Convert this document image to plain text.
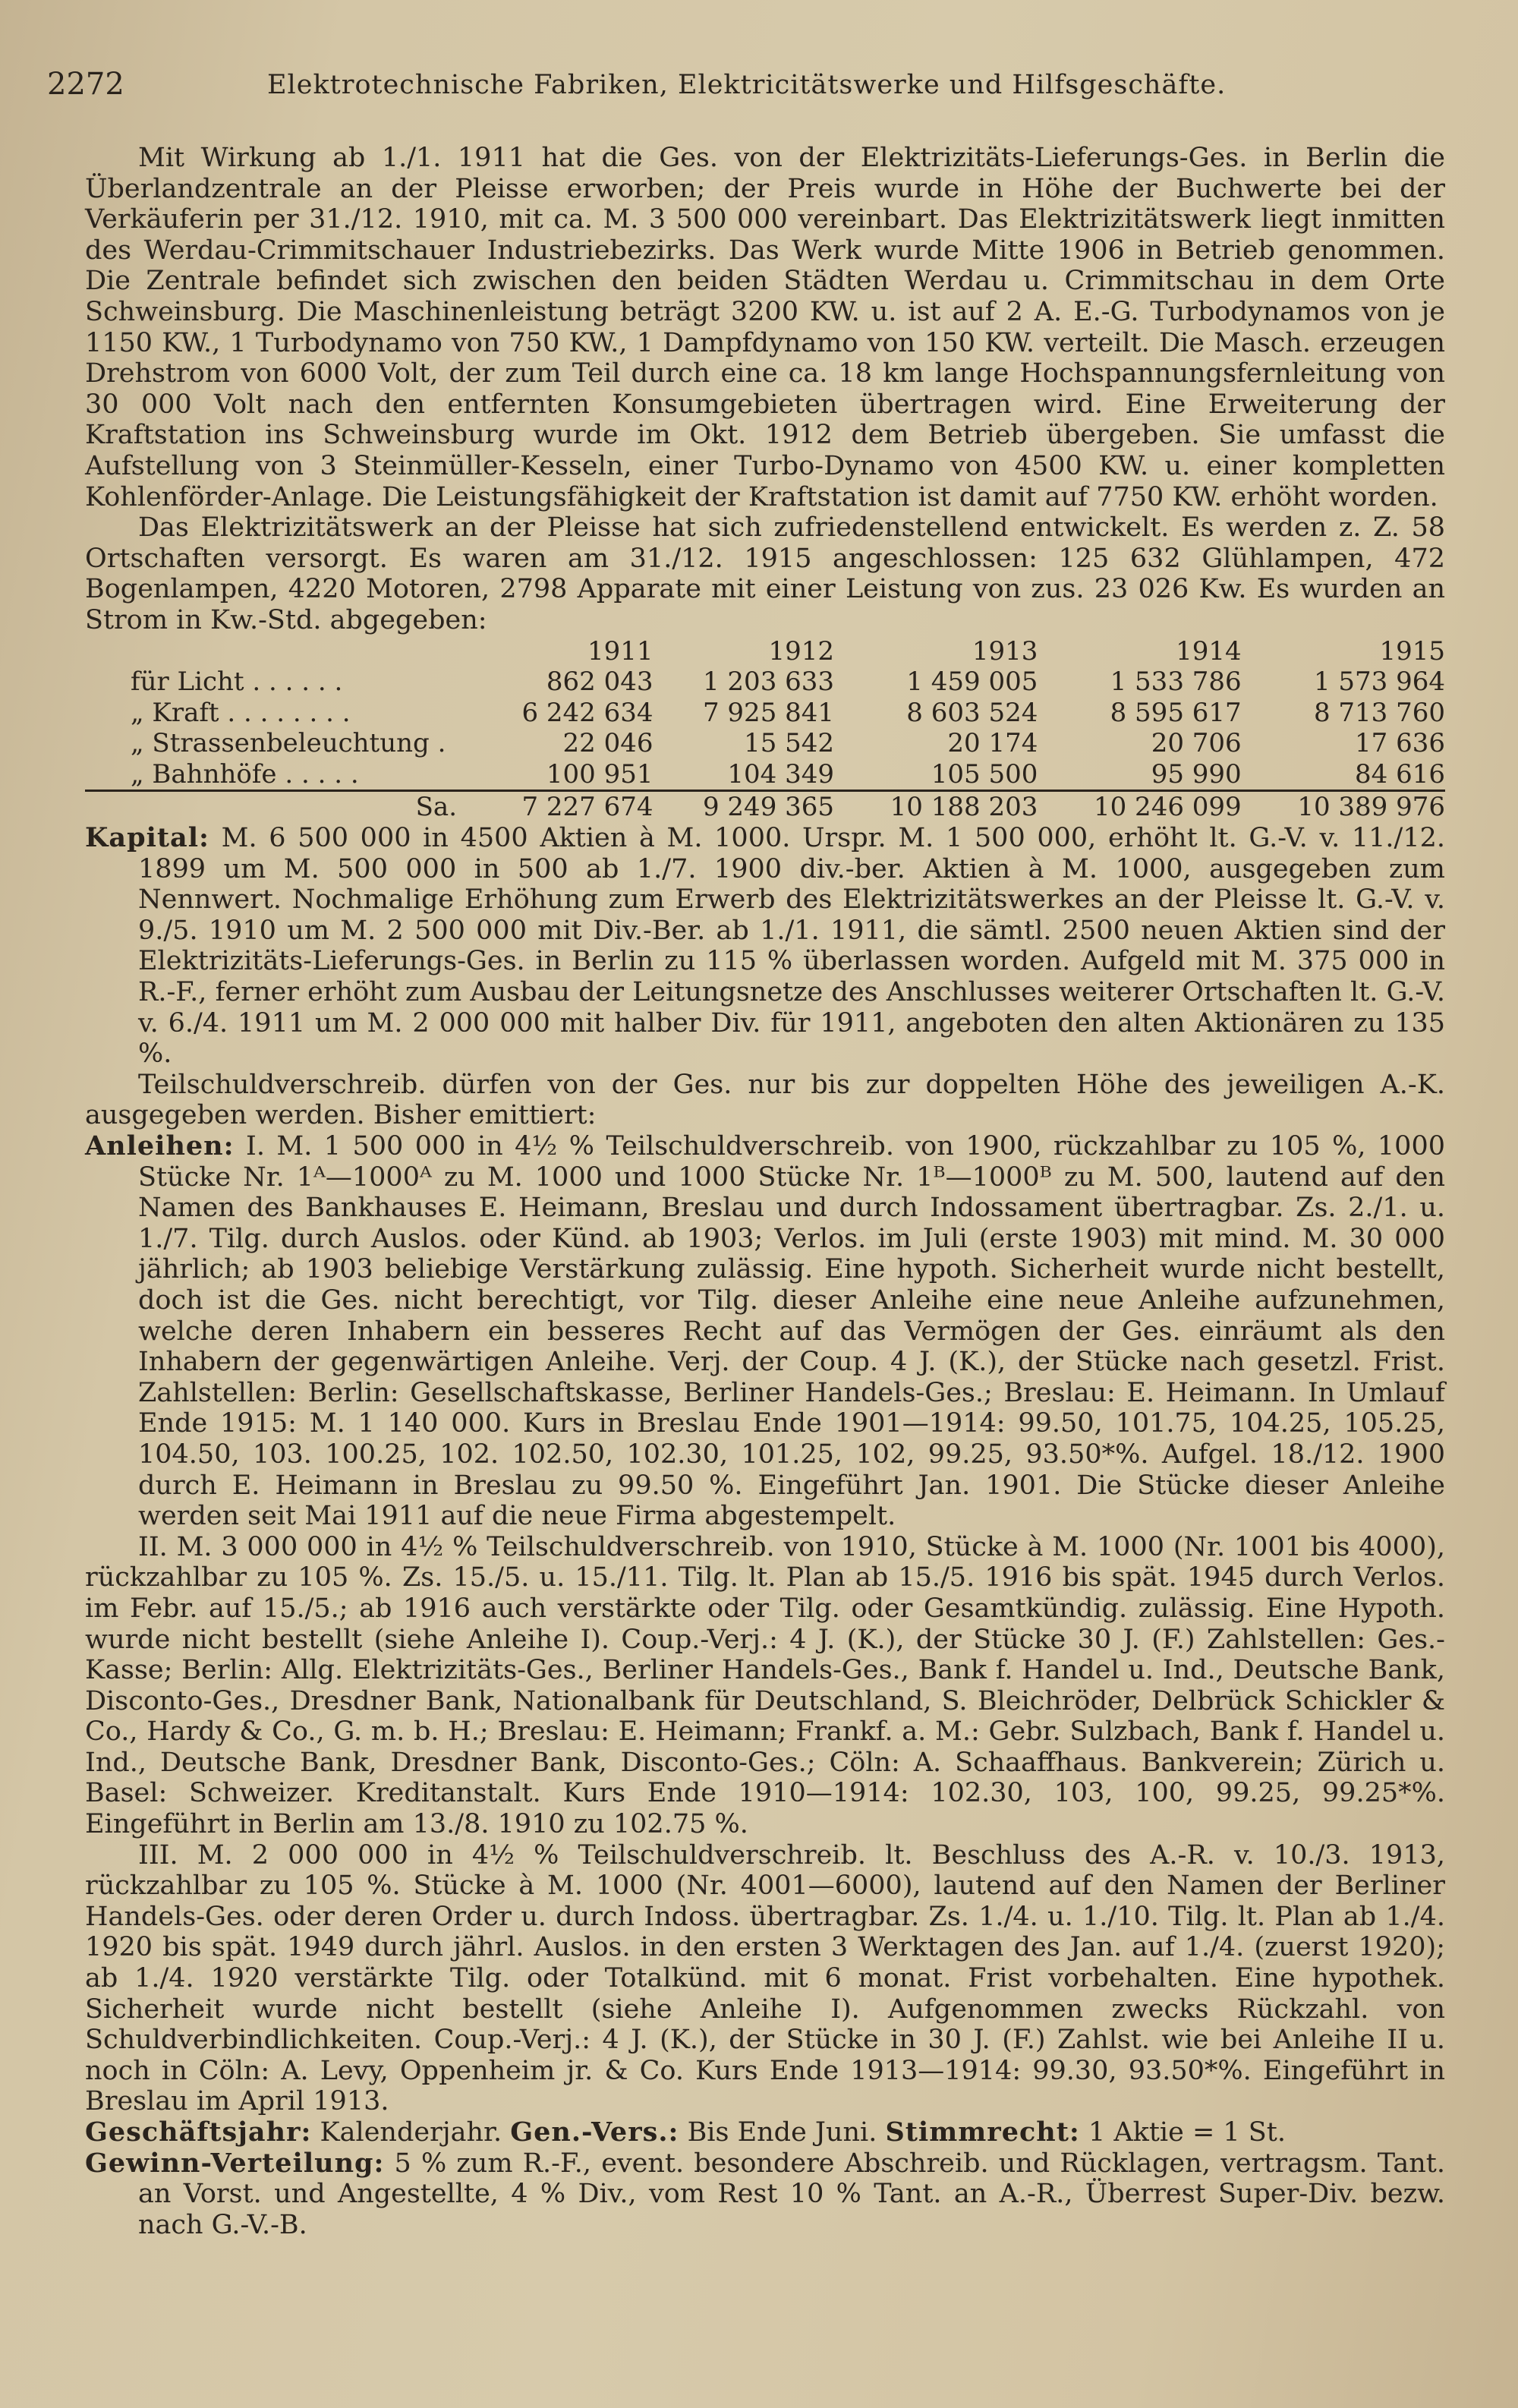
2272	Elektrotechnische Fabriken, Elektricitätswerke und Hilfsgeschäfte.

Mit Wirkung ab 1./1. 1911 hat die Ges. von der Elektrizitäts-Lieferungs-Ges. in Berlin die Überlandzentrale an der Pleisse erworben; der Preis wurde in Höhe der Buchwerte bei der Verkäuferin per 31./12. 1910, mit ca. M. 3 500 000 vereinbart. Das Elektrizitätswerk liegt inmitten des Werdau-Crimmitschauer Industriebezirks. Das Werk wurde Mitte 1906 in Betrieb genommen. Die Zentrale befindet sich zwischen den beiden Städten Werdau u. Crimmitschau in dem Orte Schweinsburg. Die Maschinenleistung beträgt 3200 KW. u. ist auf 2 A. E.-G. Turbodynamos von je 1150 KW., 1 Turbodynamo von 750 KW., 1 Dampfdynamo von 150 KW. verteilt. Die Masch. erzeugen Drehstrom von 6000 Volt, der zum Teil durch eine ca. 18 km lange Hochspannungsfernleitung von 30 000 Volt nach den entfernten Konsumgebieten übertragen wird. Eine Erweiterung der Kraftstation ins Schweinsburg wurde im Okt. 1912 dem Betrieb übergeben. Sie umfasst die Aufstellung von 3 Steinmüller-Kesseln, einer Turbo-Dynamo von 4500 KW. u. einer kompletten Kohlenförder-Anlage. Die Leistungsfähigkeit der Kraftstation ist damit auf 7750 KW. erhöht worden.

Das Elektrizitätswerk an der Pleisse hat sich zufriedenstellend entwickelt. Es werden z. Z. 58 Ortschaften versorgt. Es waren am 31./12. 1915 angeschlossen: 125 632 Glühlampen, 472 Bogenlampen, 4220 Motoren, 2798 Apparate mit einer Leistung von zus. 23 026 Kw. Es wurden an Strom in Kw.-Std. abgegeben:

	1911	1912	1913	1914	1915
für Licht . . . . . .	862 043	1 203 633	1 459 005	1 533 786	1 573 964
„ Kraft . . . . . . . .	6 242 634	7 925 841	8 603 524	8 595 617	8 713 760
„ Strassenbeleuchtung .	22 046	15 542	20 174	20 706	17 636
„ Bahnhöfe . . . . .	100 951	104 349	105 500	95 990	84 616
Sa.	7 227 674	9 249 365	10 188 203	10 246 099	10 389 976

Kapital: M. 6 500 000 in 4500 Aktien à M. 1000. Urspr. M. 1 500 000, erhöht lt. G.-V. v. 11./12. 1899 um M. 500 000 in 500 ab 1./7. 1900 div.-ber. Aktien à M. 1000, ausgegeben zum Nennwert. Nochmalige Erhöhung zum Erwerb des Elektrizitätswerkes an der Pleisse lt. G.-V. v. 9./5. 1910 um M. 2 500 000 mit Div.-Ber. ab 1./1. 1911, die sämtl. 2500 neuen Aktien sind der Elektrizitäts-Lieferungs-Ges. in Berlin zu 115 % überlassen worden. Aufgeld mit M. 375 000 in R.-F., ferner erhöht zum Ausbau der Leitungsnetze des Anschlusses weiterer Ortschaften lt. G.-V. v. 6./4. 1911 um M. 2 000 000 mit halber Div. für 1911, angeboten den alten Aktionären zu 135 %.

Teilschuldverschreib. dürfen von der Ges. nur bis zur doppelten Höhe des jeweiligen A.-K. ausgegeben werden. Bisher emittiert:

Anleihen: I. M. 1 500 000 in 4½ % Teilschuldverschreib. von 1900, rückzahlbar zu 105 %, 1000 Stücke Nr. 1ᴬ—1000ᴬ zu M. 1000 und 1000 Stücke Nr. 1ᴮ—1000ᴮ zu M. 500, lautend auf den Namen des Bankhauses E. Heimann, Breslau und durch Indossament übertragbar. Zs. 2./1. u. 1./7. Tilg. durch Auslos. oder Künd. ab 1903; Verlos. im Juli (erste 1903) mit mind. M. 30 000 jährlich; ab 1903 beliebige Verstärkung zulässig. Eine hypoth. Sicherheit wurde nicht bestellt, doch ist die Ges. nicht berechtigt, vor Tilg. dieser Anleihe eine neue Anleihe aufzunehmen, welche deren Inhabern ein besseres Recht auf das Vermögen der Ges. einräumt als den Inhabern der gegenwärtigen Anleihe. Verj. der Coup. 4 J. (K.), der Stücke nach gesetzl. Frist. Zahlstellen: Berlin: Gesellschaftskasse, Berliner Handels-Ges.; Breslau: E. Heimann. In Umlauf Ende 1915: M. 1 140 000. Kurs in Breslau Ende 1901—1914: 99.50, 101.75, 104.25, 105.25, 104.50, 103. 100.25, 102. 102.50, 102.30, 101.25, 102, 99.25, 93.50*%. Aufgel. 18./12. 1900 durch E. Heimann in Breslau zu 99.50 %. Eingeführt Jan. 1901. Die Stücke dieser Anleihe werden seit Mai 1911 auf die neue Firma abgestempelt.

II. M. 3 000 000 in 4½ % Teilschuldverschreib. von 1910, Stücke à M. 1000 (Nr. 1001 bis 4000), rückzahlbar zu 105 %. Zs. 15./5. u. 15./11. Tilg. lt. Plan ab 15./5. 1916 bis spät. 1945 durch Verlos. im Febr. auf 15./5.; ab 1916 auch verstärkte oder Tilg. oder Gesamtkündig. zulässig. Eine Hypoth. wurde nicht bestellt (siehe Anleihe I). Coup.-Verj.: 4 J. (K.), der Stücke 30 J. (F.) Zahlstellen: Ges.-Kasse; Berlin: Allg. Elektrizitäts-Ges., Berliner Handels-Ges., Bank f. Handel u. Ind., Deutsche Bank, Disconto-Ges., Dresdner Bank, Nationalbank für Deutschland, S. Bleichröder, Delbrück Schickler & Co., Hardy & Co., G. m. b. H.; Breslau: E. Heimann; Frankf. a. M.: Gebr. Sulzbach, Bank f. Handel u. Ind., Deutsche Bank, Dresdner Bank, Disconto-Ges.; Cöln: A. Schaaffhaus. Bankverein; Zürich u. Basel: Schweizer. Kreditanstalt. Kurs Ende 1910—1914: 102.30, 103, 100, 99.25, 99.25*%. Eingeführt in Berlin am 13./8. 1910 zu 102.75 %.

III. M. 2 000 000 in 4½ % Teilschuldverschreib. lt. Beschluss des A.-R. v. 10./3. 1913, rückzahlbar zu 105 %. Stücke à M. 1000 (Nr. 4001—6000), lautend auf den Namen der Berliner Handels-Ges. oder deren Order u. durch Indoss. übertragbar. Zs. 1./4. u. 1./10. Tilg. lt. Plan ab 1./4. 1920 bis spät. 1949 durch jährl. Auslos. in den ersten 3 Werktagen des Jan. auf 1./4. (zuerst 1920); ab 1./4. 1920 verstärkte Tilg. oder Totalkünd. mit 6 monat. Frist vorbehalten. Eine hypothek. Sicherheit wurde nicht bestellt (siehe Anleihe I). Aufgenommen zwecks Rückzahl. von Schuldverbindlichkeiten. Coup.-Verj.: 4 J. (K.), der Stücke in 30 J. (F.) Zahlst. wie bei Anleihe II u. noch in Cöln: A. Levy, Oppenheim jr. & Co. Kurs Ende 1913—1914: 99.30, 93.50*%. Eingeführt in Breslau im April 1913.

Geschäftsjahr: Kalenderjahr. Gen.-Vers.: Bis Ende Juni. Stimmrecht: 1 Aktie = 1 St.

Gewinn-Verteilung: 5 % zum R.-F., event. besondere Abschreib. und Rücklagen, vertragsm. Tant. an Vorst. und Angestellte, 4 % Div., vom Rest 10 % Tant. an A.-R., Überrest Super-Div. bezw. nach G.-V.-B.
